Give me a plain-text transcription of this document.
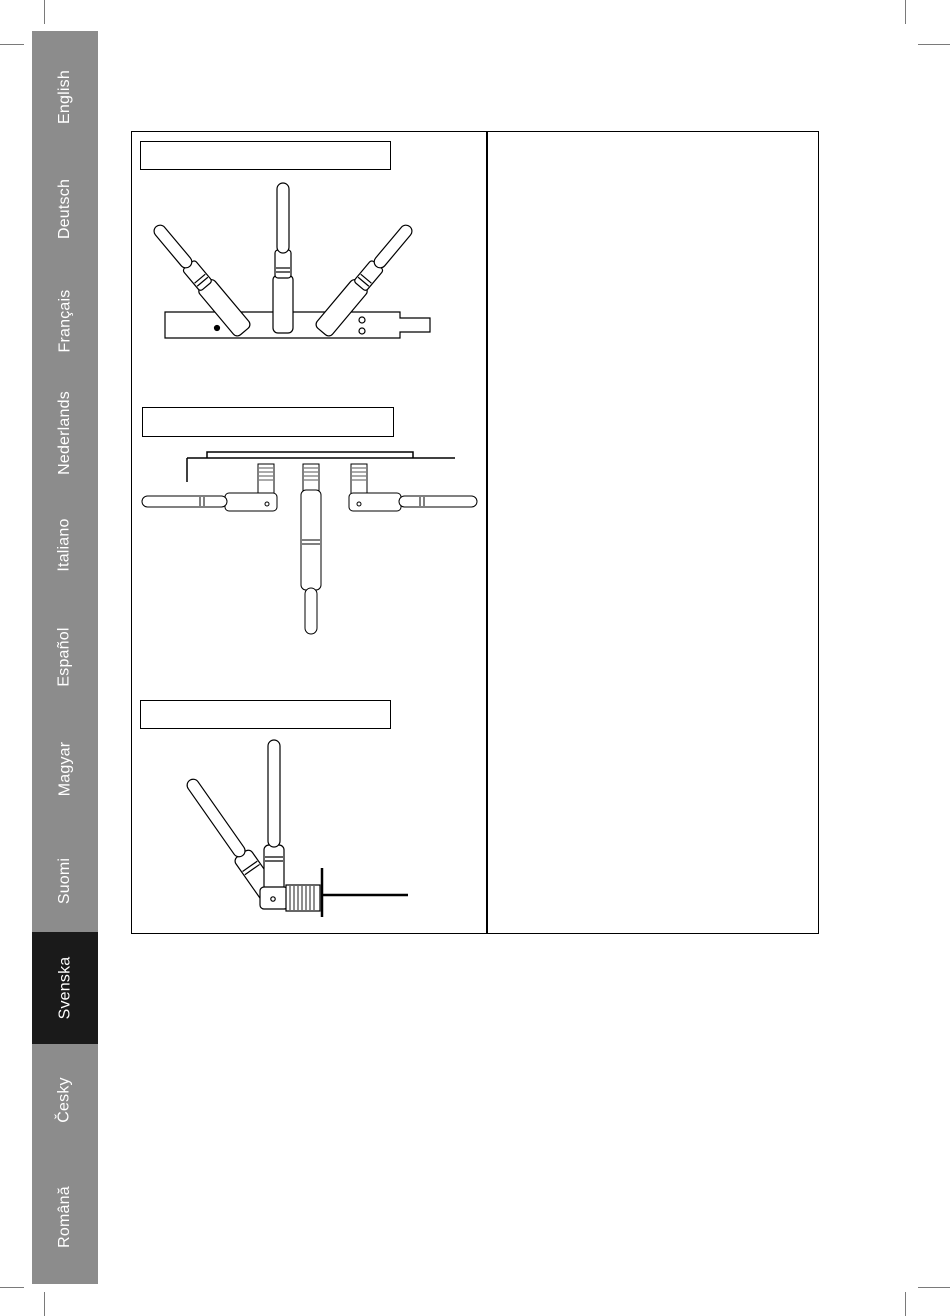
English
Deutsch
Français
Nederlands
Italiano
Español
Magyar
Suomi
Svenska
Česky
Română
